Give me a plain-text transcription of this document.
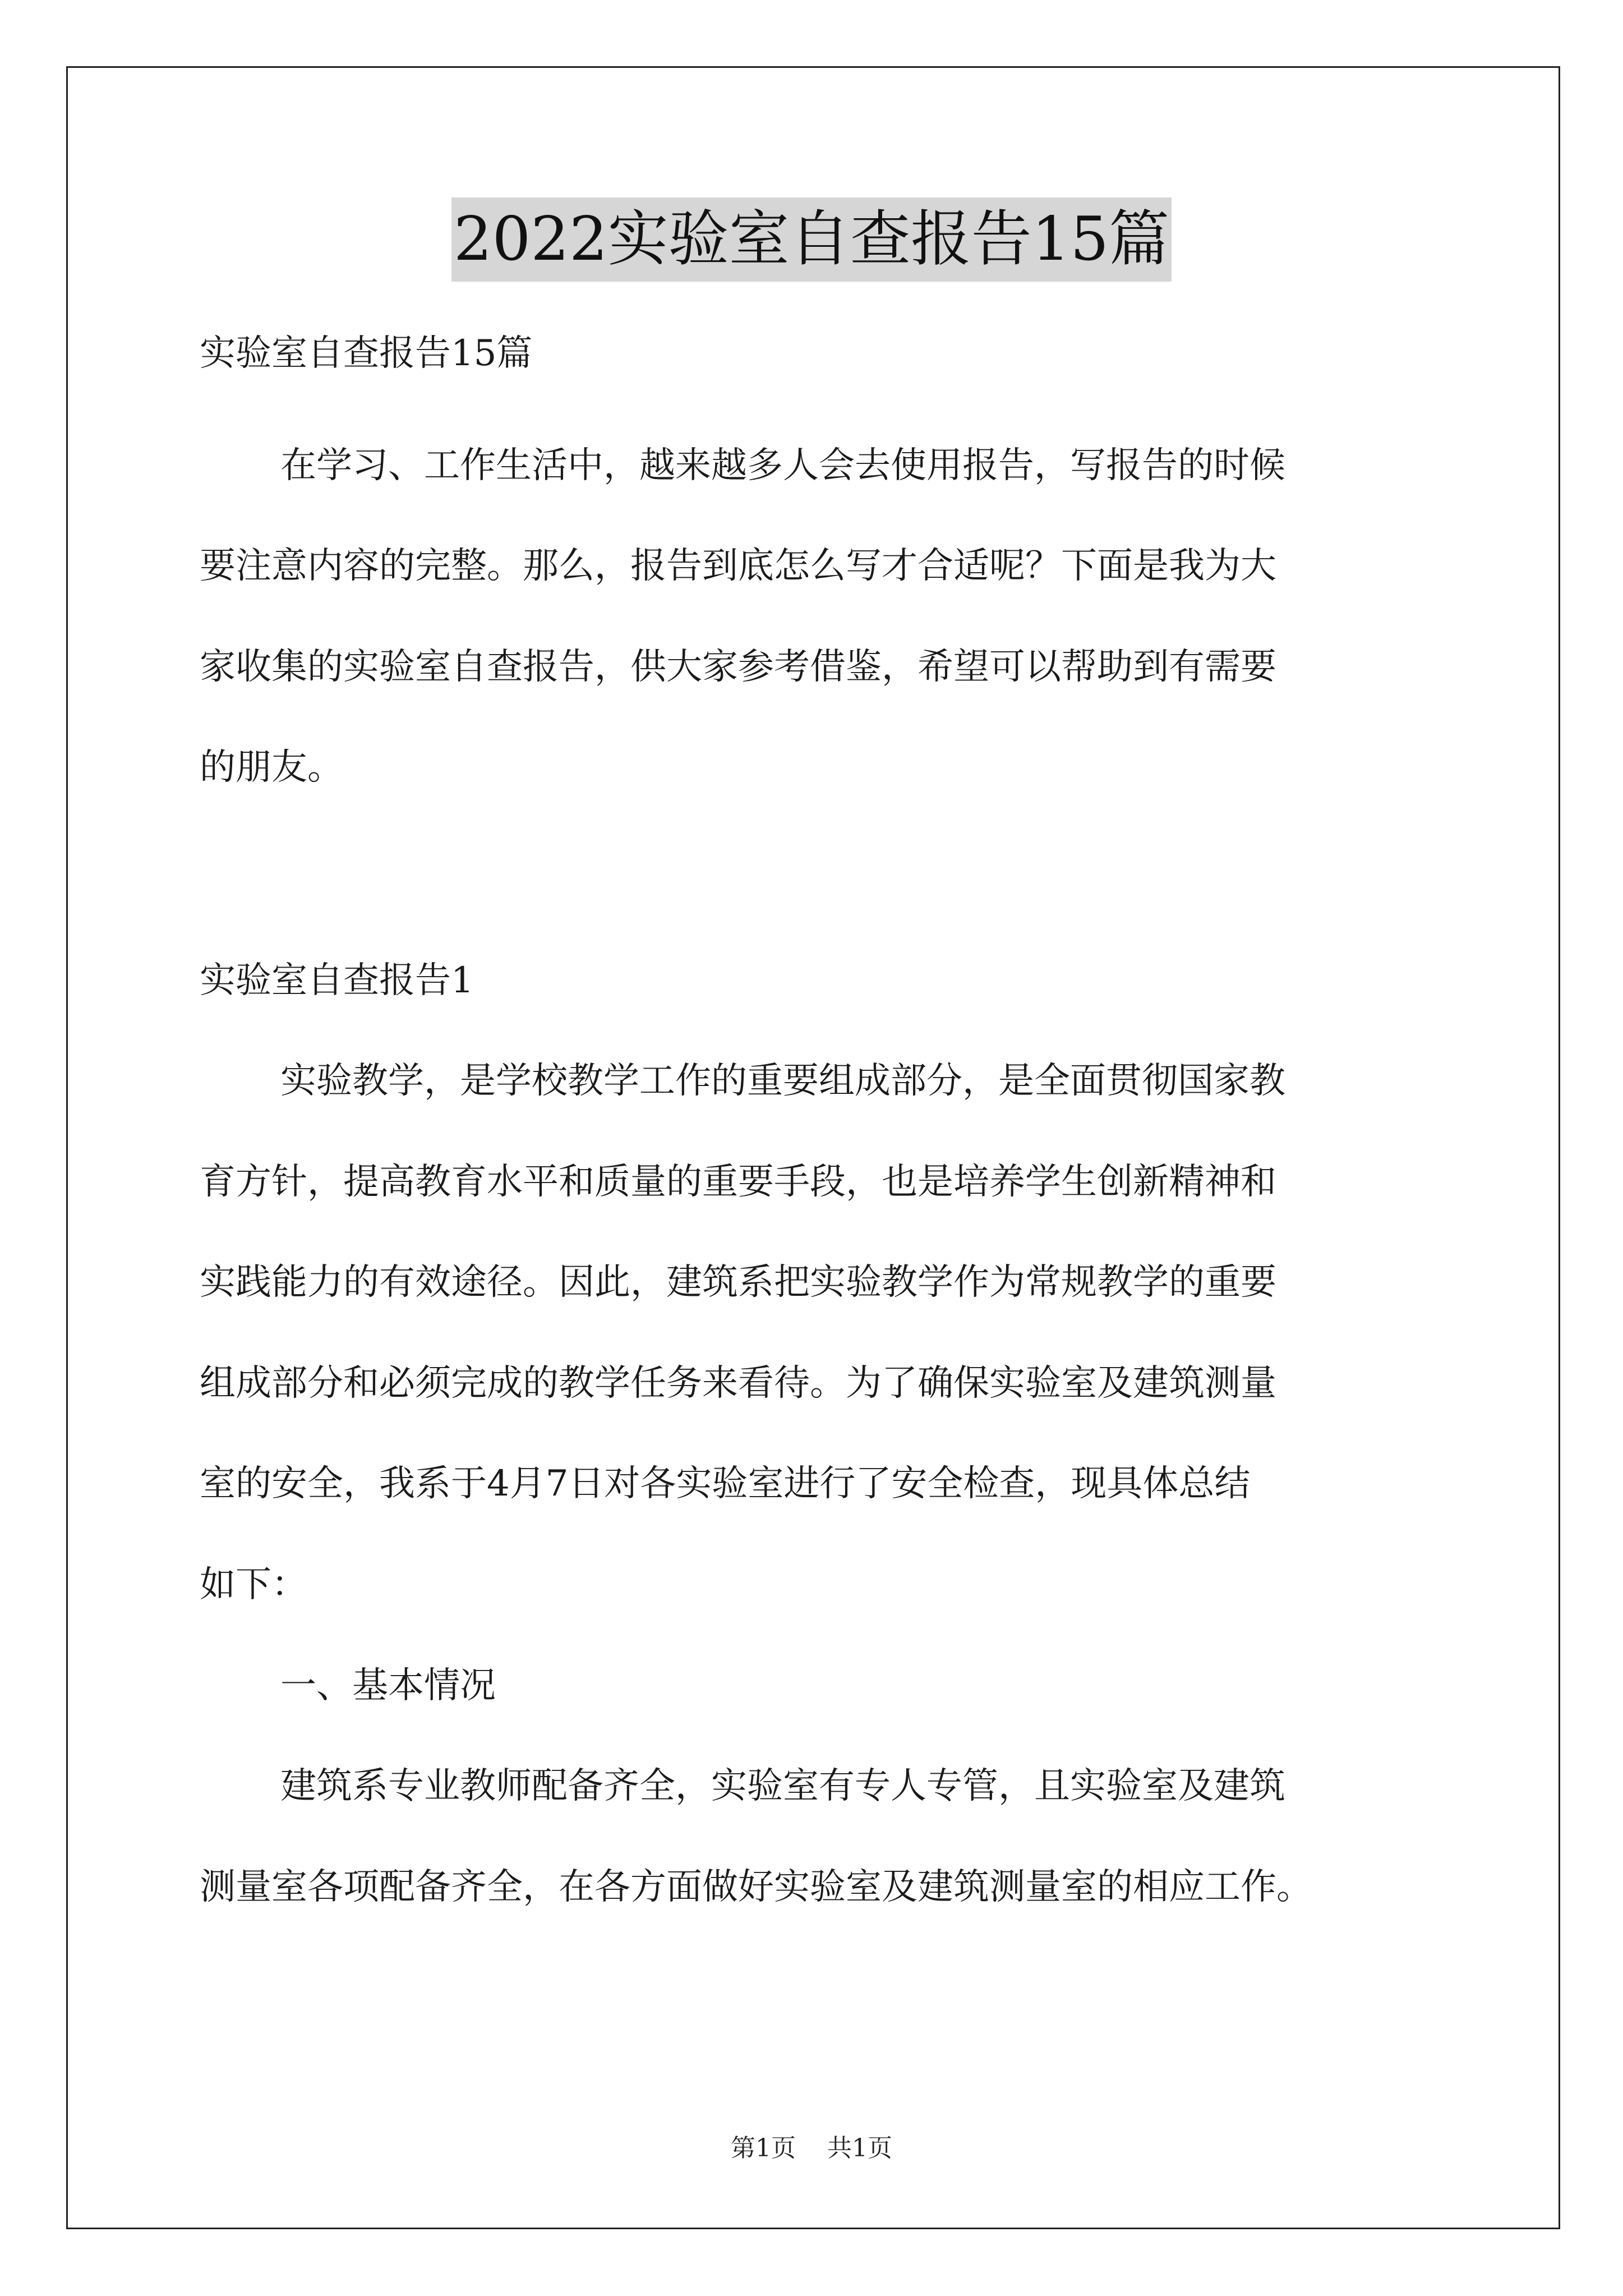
2022实验室自查报告15篇
实验室自查报告15篇
在学习、工作生活中，越来越多人会去使用报告，写报告的时候
要注意内容的完整。那么，报告到底怎么写才合适呢？下面是我为大
家收集的实验室自查报告，供大家参考借鉴，希望可以帮助到有需要
的朋友。
实验室自查报告1
实验教学，是学校教学工作的重要组成部分，是全面贯彻国家教
育方针，提高教育水平和质量的重要手段，也是培养学生创新精神和
实践能力的有效途径。因此，建筑系把实验教学作为常规教学的重要
组成部分和必须完成的教学任务来看待。为了确保实验室及建筑测量
室的安全，我系于4月7日对各实验室进行了安全检查，现具体总结
如下：
一、基本情况
建筑系专业教师配备齐全，实验室有专人专管，且实验室及建筑
测量室各项配备齐全，在各方面做好实验室及建筑测量室的相应工作。
第1页    共1页
